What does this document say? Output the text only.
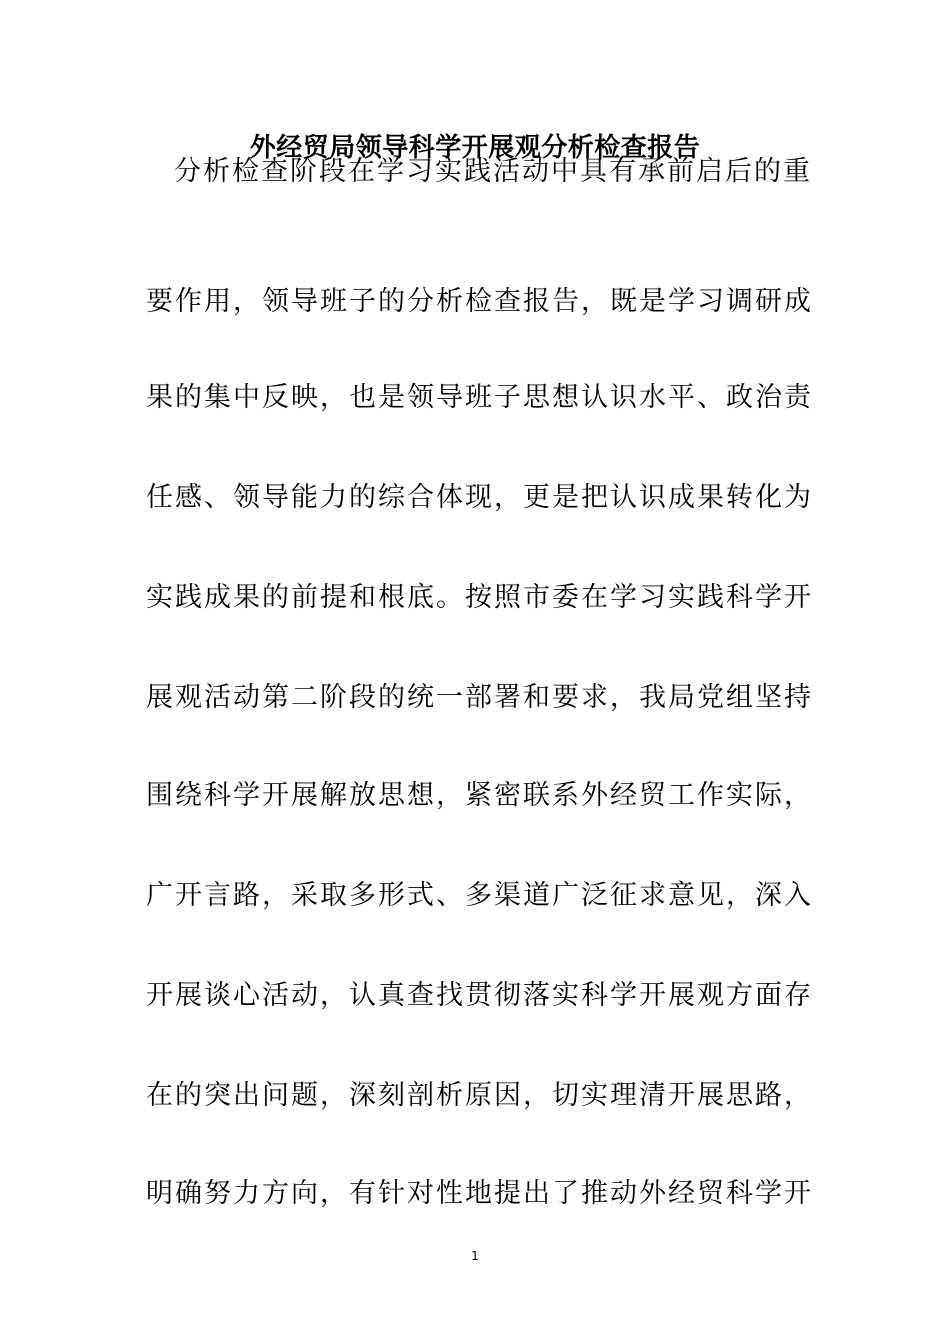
外经贸局领导科学开展观分析检查报告
分析检查阶段在学习实践活动中具有承前启后的重
要作用，领导班子的分析检查报告，既是学习调研成
果的集中反映，也是领导班子思想认识水平、政治责
任感、领导能力的综合体现，更是把认识成果转化为
实践成果的前提和根底。按照市委在学习实践科学开
展观活动第二阶段的统一部署和要求，我局党组坚持
围绕科学开展解放思想，紧密联系外经贸工作实际，
广开言路，采取多形式、多渠道广泛征求意见，深入
开展谈心活动，认真查找贯彻落实科学开展观方面存
在的突出问题，深刻剖析原因，切实理清开展思路，
明确努力方向，有针对性地提出了推动外经贸科学开
1
